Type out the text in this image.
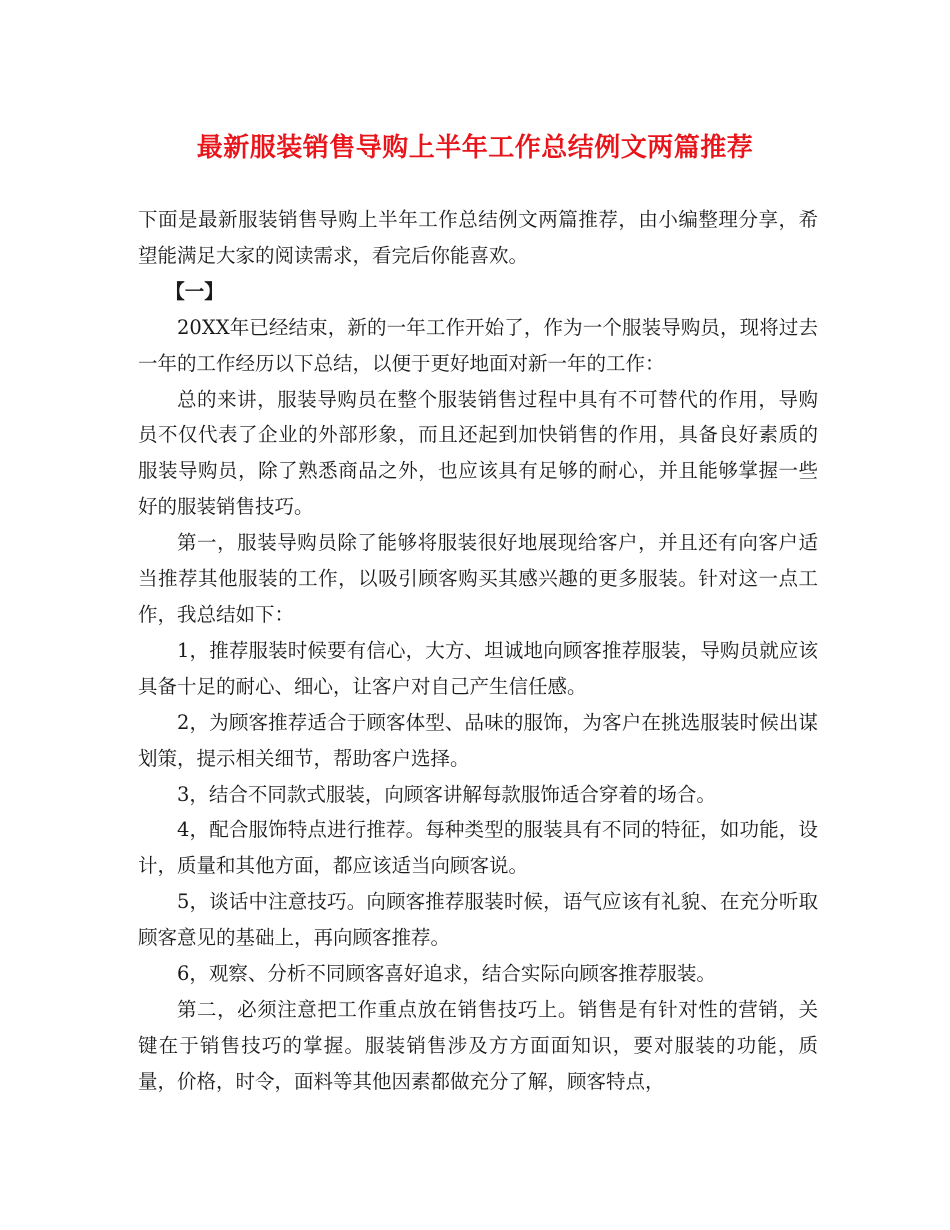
最新服装销售导购上半年工作总结例文两篇推荐

下面是最新服装销售导购上半年工作总结例文两篇推荐，由小编整理分享，希望能满足大家的阅读需求，看完后你能喜欢。

【一】

20XX年已经结束，新的一年工作开始了，作为一个服装导购员，现将过去一年的工作经历以下总结，以便于更好地面对新一年的工作：

总的来讲，服装导购员在整个服装销售过程中具有不可替代的作用，导购员不仅代表了企业的外部形象，而且还起到加快销售的作用，具备良好素质的服装导购员，除了熟悉商品之外，也应该具有足够的耐心，并且能够掌握一些好的服装销售技巧。

第一，服装导购员除了能够将服装很好地展现给客户，并且还有向客户适当推荐其他服装的工作，以吸引顾客购买其感兴趣的更多服装。针对这一点工作，我总结如下：

1，推荐服装时候要有信心，大方、坦诚地向顾客推荐服装，导购员就应该具备十足的耐心、细心，让客户对自己产生信任感。

2，为顾客推荐适合于顾客体型、品味的服饰，为客户在挑选服装时候出谋划策，提示相关细节，帮助客户选择。

3，结合不同款式服装，向顾客讲解每款服饰适合穿着的场合。

4，配合服饰特点进行推荐。每种类型的服装具有不同的特征，如功能，设计，质量和其他方面，都应该适当向顾客说。

5，谈话中注意技巧。向顾客推荐服装时候，语气应该有礼貌、在充分听取顾客意见的基础上，再向顾客推荐。

6，观察、分析不同顾客喜好追求，结合实际向顾客推荐服装。

第二，必须注意把工作重点放在销售技巧上。销售是有针对性的营销，关键在于销售技巧的掌握。服装销售涉及方方面面知识，要对服装的功能，质量，价格，时令，面料等其他因素都做充分了解，顾客特点，
